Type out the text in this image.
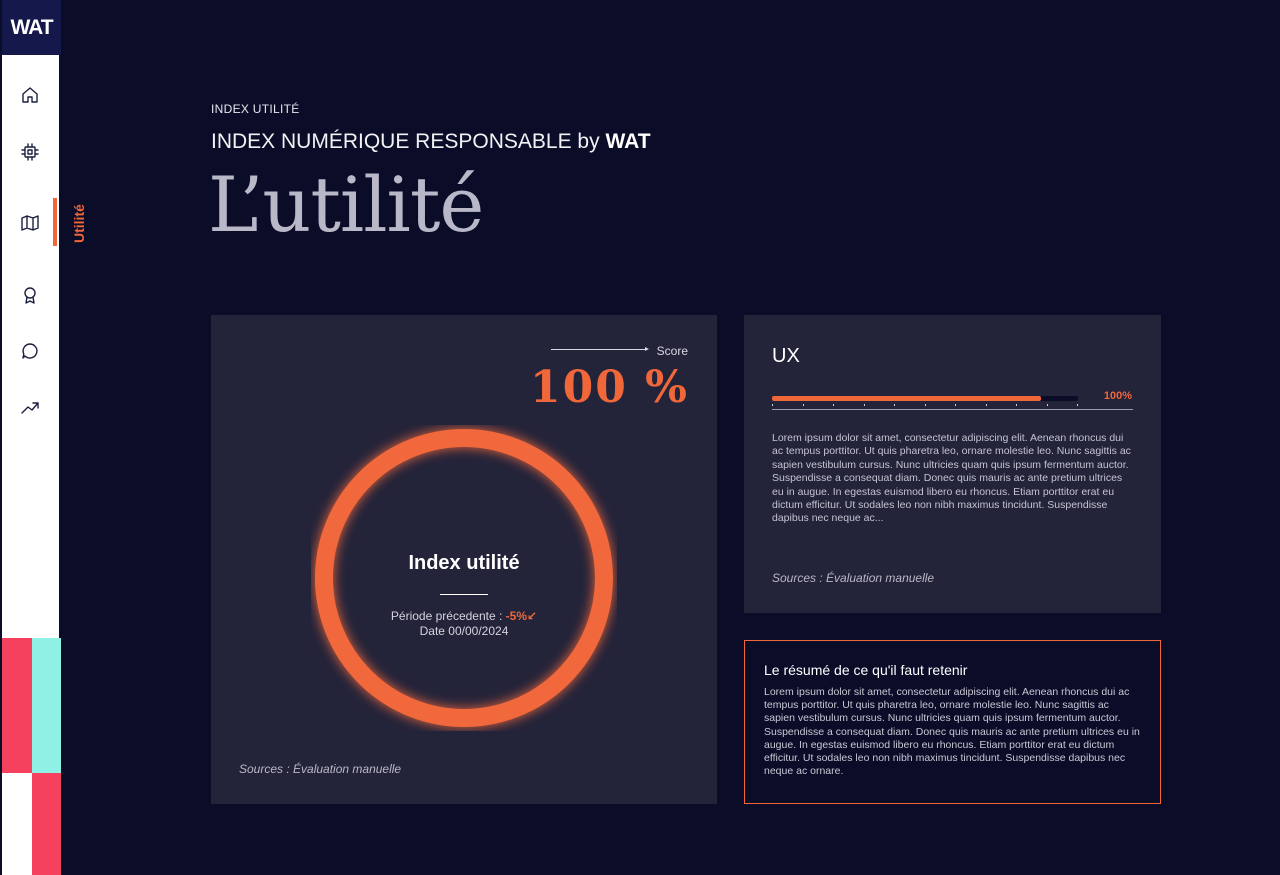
WAT
Utilité
INDEX UTILITÉ
INDEX NUMÉRIQUE RESPONSABLE by WAT
L’utilité
Score
100 %
Index utilité
Période précedente : -5%↙
Date 00/00/2024
Sources : Évaluation manuelle
UX
100%
Lorem ipsum dolor sit amet, consectetur adipiscing elit. Aenean rhoncus dui ac tempus porttitor. Ut quis pharetra leo, ornare molestie leo. Nunc sagittis ac sapien vestibulum cursus. Nunc ultricies quam quis ipsum fermentum auctor. Suspendisse a consequat diam. Donec quis mauris ac ante pretium ultrices eu in augue. In egestas euismod libero eu rhoncus. Etiam porttitor erat eu dictum efficitur. Ut sodales leo non nibh maximus tincidunt. Suspendisse dapibus nec neque ac...
Sources : Évaluation manuelle
Le résumé de ce qu'il faut retenir
Lorem ipsum dolor sit amet, consectetur adipiscing elit. Aenean rhoncus dui ac tempus porttitor. Ut quis pharetra leo, ornare molestie leo. Nunc sagittis ac sapien vestibulum cursus. Nunc ultricies quam quis ipsum fermentum auctor. Suspendisse a consequat diam. Donec quis mauris ac ante pretium ultrices eu in augue. In egestas euismod libero eu rhoncus. Etiam porttitor erat eu dictum efficitur. Ut sodales leo non nibh maximus tincidunt. Suspendisse dapibus nec neque ac ornare.
